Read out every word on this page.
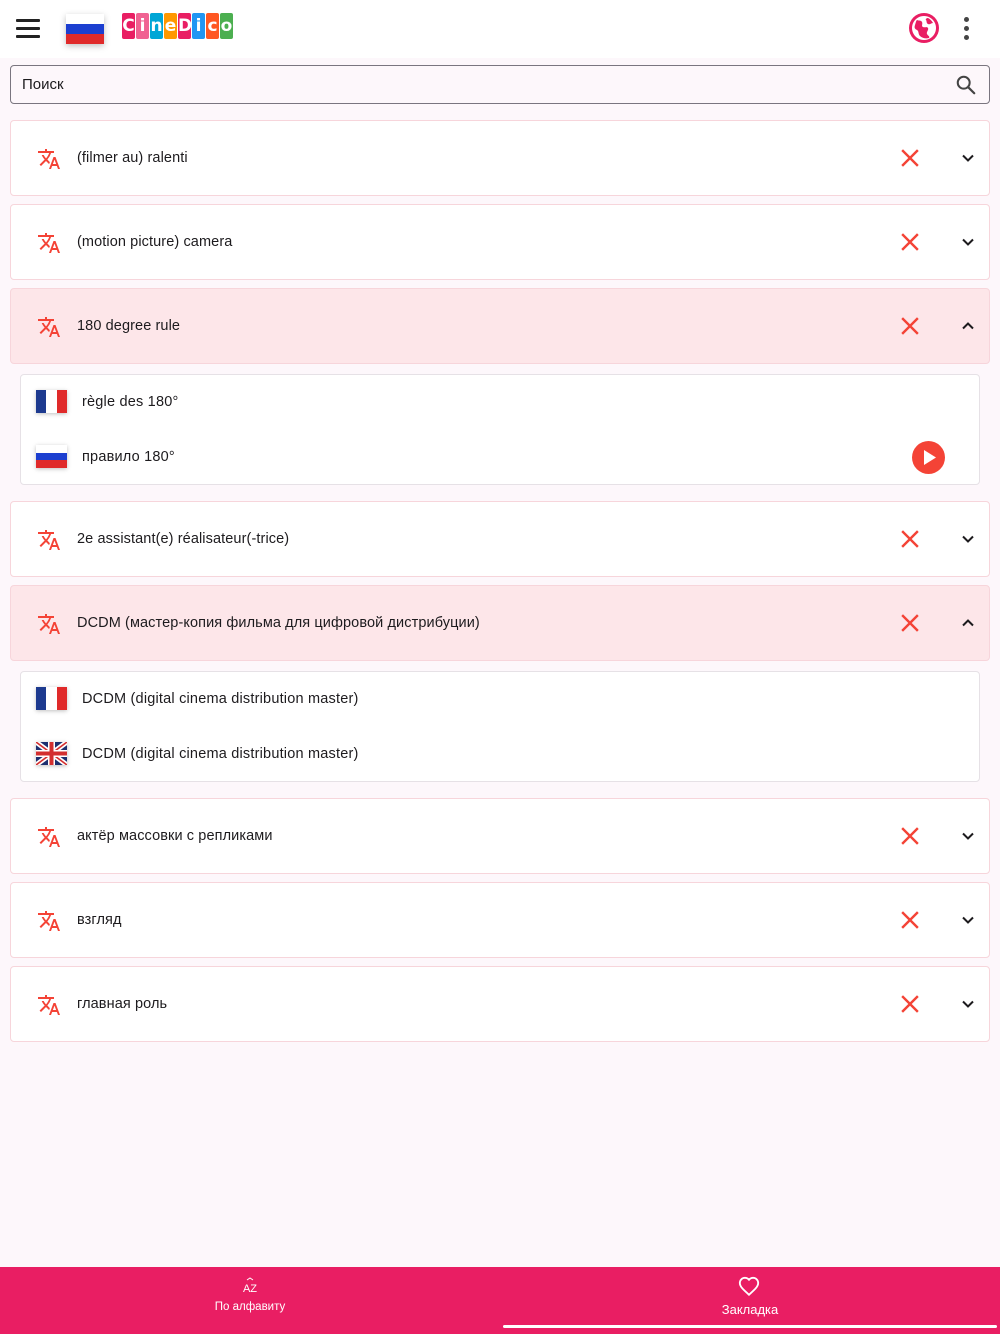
C i n e D i c o
Поиск
(filmer au) ralenti
(motion picture) camera
180 degree rule
règle des 180°
правило 180°
2e assistant(e) réalisateur(-trice)
DCDM (мастер-копия фильма для цифровой дистрибуции)
DCDM (digital cinema distribution master)
DCDM (digital cinema distribution master)
актёр массовки с репликами
взгляд
главная роль
AZ
По алфавиту	Закладка
